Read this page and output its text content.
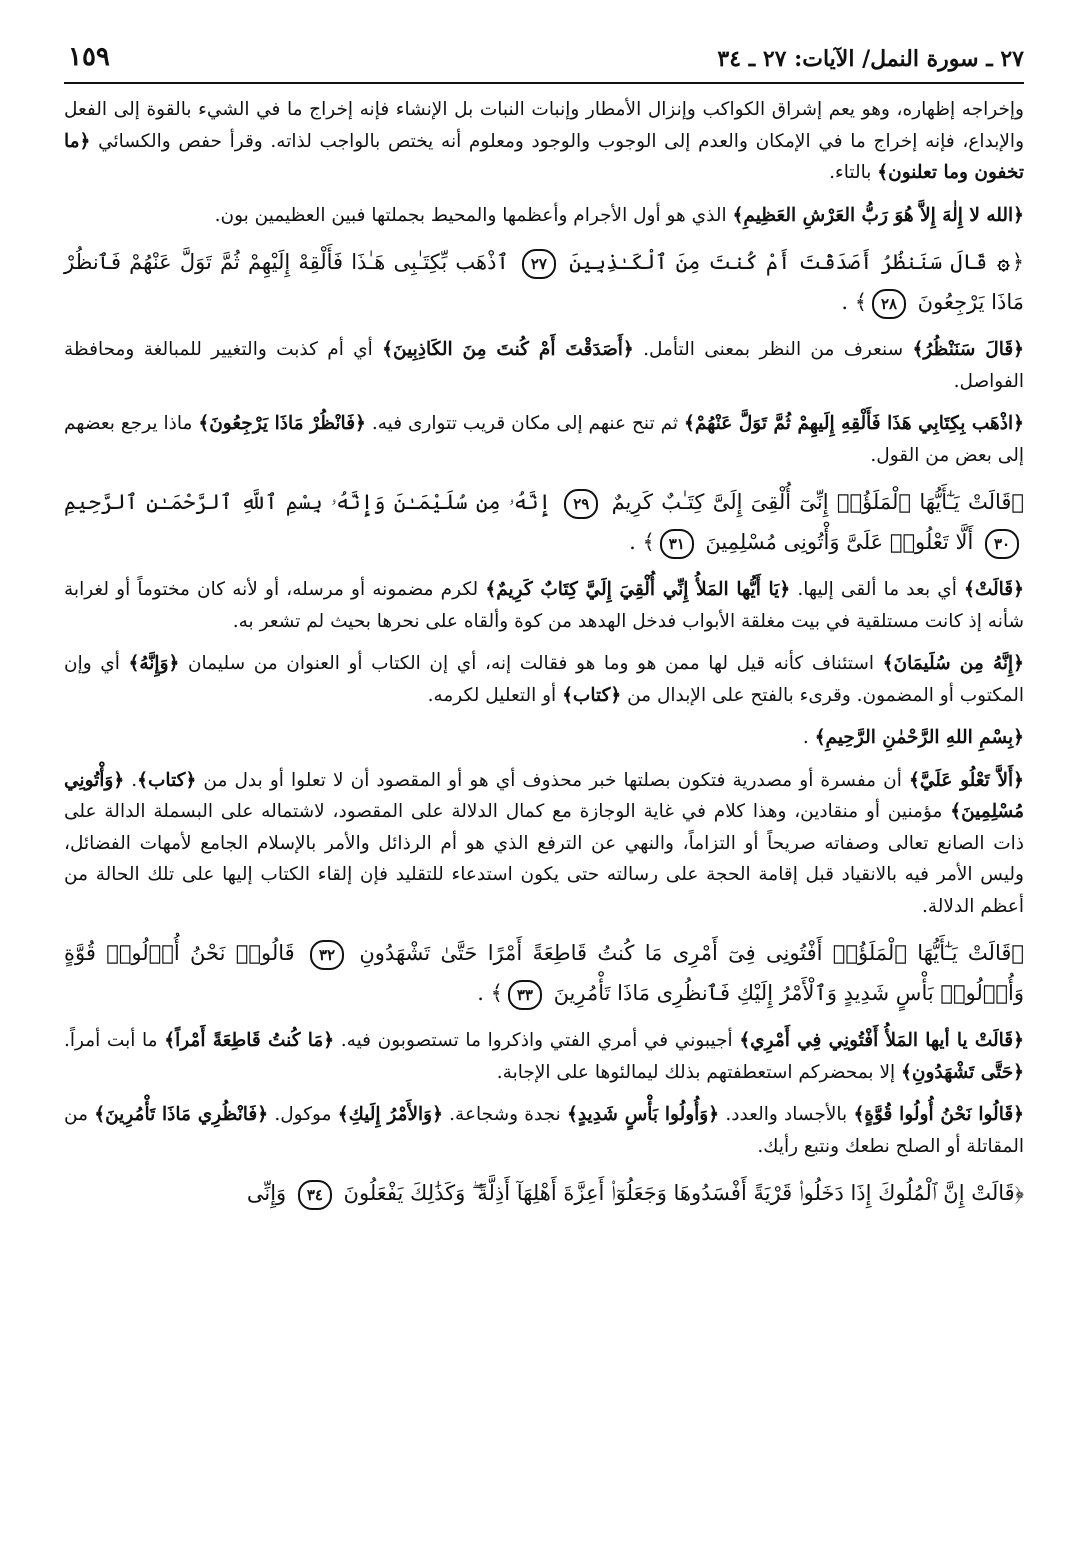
٢٧ ـ سورة النمل/ الآيات: ٢٧ ـ ٣٤
١٥٩

وإخراجه إظهاره، وهو يعم إشراق الكواكب وإنزال الأمطار وإنبات النبات بل الإنشاء فإنه إخراج ما في الشيء بالقوة إلى الفعل والإبداع، فإنه إخراج ما في الإمكان والعدم إلى الوجوب والوجود ومعلوم أنه يختص بالواجب لذاته. وقرأ حفص والكسائي ﴿ما تخفون وما تعلنون﴾ بالتاء.

﴿الله لا إِلٰهَ إِلاَّ هُوَ رَبُّ العَرْشِ العَظِيمِ﴾ الذي هو أول الأجرام وأعظمها والمحيط بجملتها فبين العظيمين بون.

﴿۞ قَالَ سَنَنظُرُ أَصَدَقْتَ أَمْ كُنتَ مِنَ ٱلْكَـٰذِبِينَ ٢٧ ٱذْهَب بِّكِتَـٰبِى هَـٰذَا فَأَلْقِهْ إِلَيْهِمْ ثُمَّ تَوَلَّ عَنْهُمْ فَٱنظُرْ مَاذَا يَرْجِعُونَ ٢٨﴾ .

﴿قَالَ سَنَنْظُرُ﴾ سنعرف من النظر بمعنى التأمل. ﴿أَصَدَقْتَ أَمْ كُنتَ مِنَ الكَاذِبِينَ﴾ أي أم كذبت والتغيير للمبالغة ومحافظة الفواصل.

﴿اذْهَب بِكِتَابِي هَذَا فَأَلْقِهِ إِلَيهِمْ ثُمَّ تَوَلَّ عَنْهُمْ﴾ ثم تنح عنهم إلى مكان قريب تتوارى فيه. ﴿فَانْظُرْ مَاذَا يَرْجِعُونَ﴾ ماذا يرجع بعضهم إلى بعض من القول.

﴿قَالَتْ يَـٰٓأَيُّهَا ٱلْمَلَؤُا۟ إِنِّىٓ أُلْقِىَ إِلَىَّ كِتَـٰبٌ كَرِيمٌ ٢٩ إِنَّهُۥ مِن سُلَيْمَـٰنَ وَإِنَّهُۥ بِسْمِ ٱللَّهِ ٱلرَّحْمَـٰنِ ٱلرَّحِيمِ ٣٠ أَلَّا تَعْلُوا۟ عَلَىَّ وَأْتُونِى مُسْلِمِينَ ٣١﴾ .

﴿قَالَتْ﴾ أي بعد ما ألقى إليها. ﴿يَا أَيُّها المَلأُ إِنِّي أُلْقِيَ إِلَيَّ كِتَابٌ كَرِيمٌ﴾ لكرم مضمونه أو مرسله، أو لأنه كان مختوماً أو لغرابة شأنه إذ كانت مستلقية في بيت مغلقة الأبواب فدخل الهدهد من كوة وألقاه على نحرها بحيث لم تشعر به.

﴿إِنَّهُ مِن سُلَيمَانَ﴾ استئناف كأنه قيل لها ممن هو وما هو فقالت إنه، أي إن الكتاب أو العنوان من سليمان ﴿وَإِنَّهُ﴾ أي وإن المكتوب أو المضمون. وقرىء بالفتح على الإبدال من ﴿كتاب﴾ أو التعليل لكرمه.

﴿بِسْمِ اللهِ الرَّحْمٰنِ الرَّحِيمِ﴾ .

﴿أَلاَّ تَعْلُو عَلَيَّ﴾ أن مفسرة أو مصدرية فتكون بصلتها خبر محذوف أي هو أو المقصود أن لا تعلوا أو بدل من ﴿كتاب﴾. ﴿وَأْتُونِي مُسْلِمِينَ﴾ مؤمنين أو منقادين، وهذا كلام في غاية الوجازة مع كمال الدلالة على المقصود، لاشتماله على البسملة الدالة على ذات الصانع تعالى وصفاته صريحاً أو التزاماً، والنهي عن الترفع الذي هو أم الرذائل والأمر بالإسلام الجامع لأمهات الفضائل، وليس الأمر فيه بالانقياد قبل إقامة الحجة على رسالته حتى يكون استدعاء للتقليد فإن إلقاء الكتاب إليها على تلك الحالة من أعظم الدلالة.

﴿قَالَتْ يَـٰٓأَيُّهَا ٱلْمَلَؤُا۟ أَفْتُونِى فِىٓ أَمْرِى مَا كُنتُ قَاطِعَةً أَمْرًا حَتَّىٰ تَشْهَدُونِ ٣٢ قَالُوا۟ نَحْنُ أُو۟لُوا۟ قُوَّةٍ وَأُو۟لُوا۟ بَأْسٍ شَدِيدٍ وَٱلْأَمْرُ إِلَيْكِ فَٱنظُرِى مَاذَا تَأْمُرِينَ ٣٣﴾ .

﴿قَالَتْ يا أيها المَلأُ أَفْتُونِي فِي أَمْرِي﴾ أجيبوني في أمري الفتي واذكروا ما تستصوبون فيه. ﴿مَا كُنتُ قَاطِعَةً أَمْراً﴾ ما أبت أمراً. ﴿حَتَّى تَشْهَدُونِ﴾ إلا بمحضركم استعطفتهم بذلك ليمالئوها على الإجابة.

﴿قَالُوا نَحْنُ أُولُوا قُوَّةٍ﴾ بالأجساد والعدد. ﴿وَأُولُوا بَأْسٍ شَدِيدٍ﴾ نجدة وشجاعة. ﴿وَالأَمْرُ إِلَيكِ﴾ موكول. ﴿فَانْظُرِي مَاذَا تَأْمُرِينَ﴾ من المقاتلة أو الصلح نطعك ونتبع رأيك.

﴿قَالَتْ إِنَّ ٱلْمُلُوكَ إِذَا دَخَلُوا۟ قَرْيَةً أَفْسَدُوهَا وَجَعَلُوٓا۟ أَعِزَّةَ أَهْلِهَآ أَذِلَّةً ۖ وَكَذَٰلِكَ يَفْعَلُونَ ٣٤ وَإِنِّى
